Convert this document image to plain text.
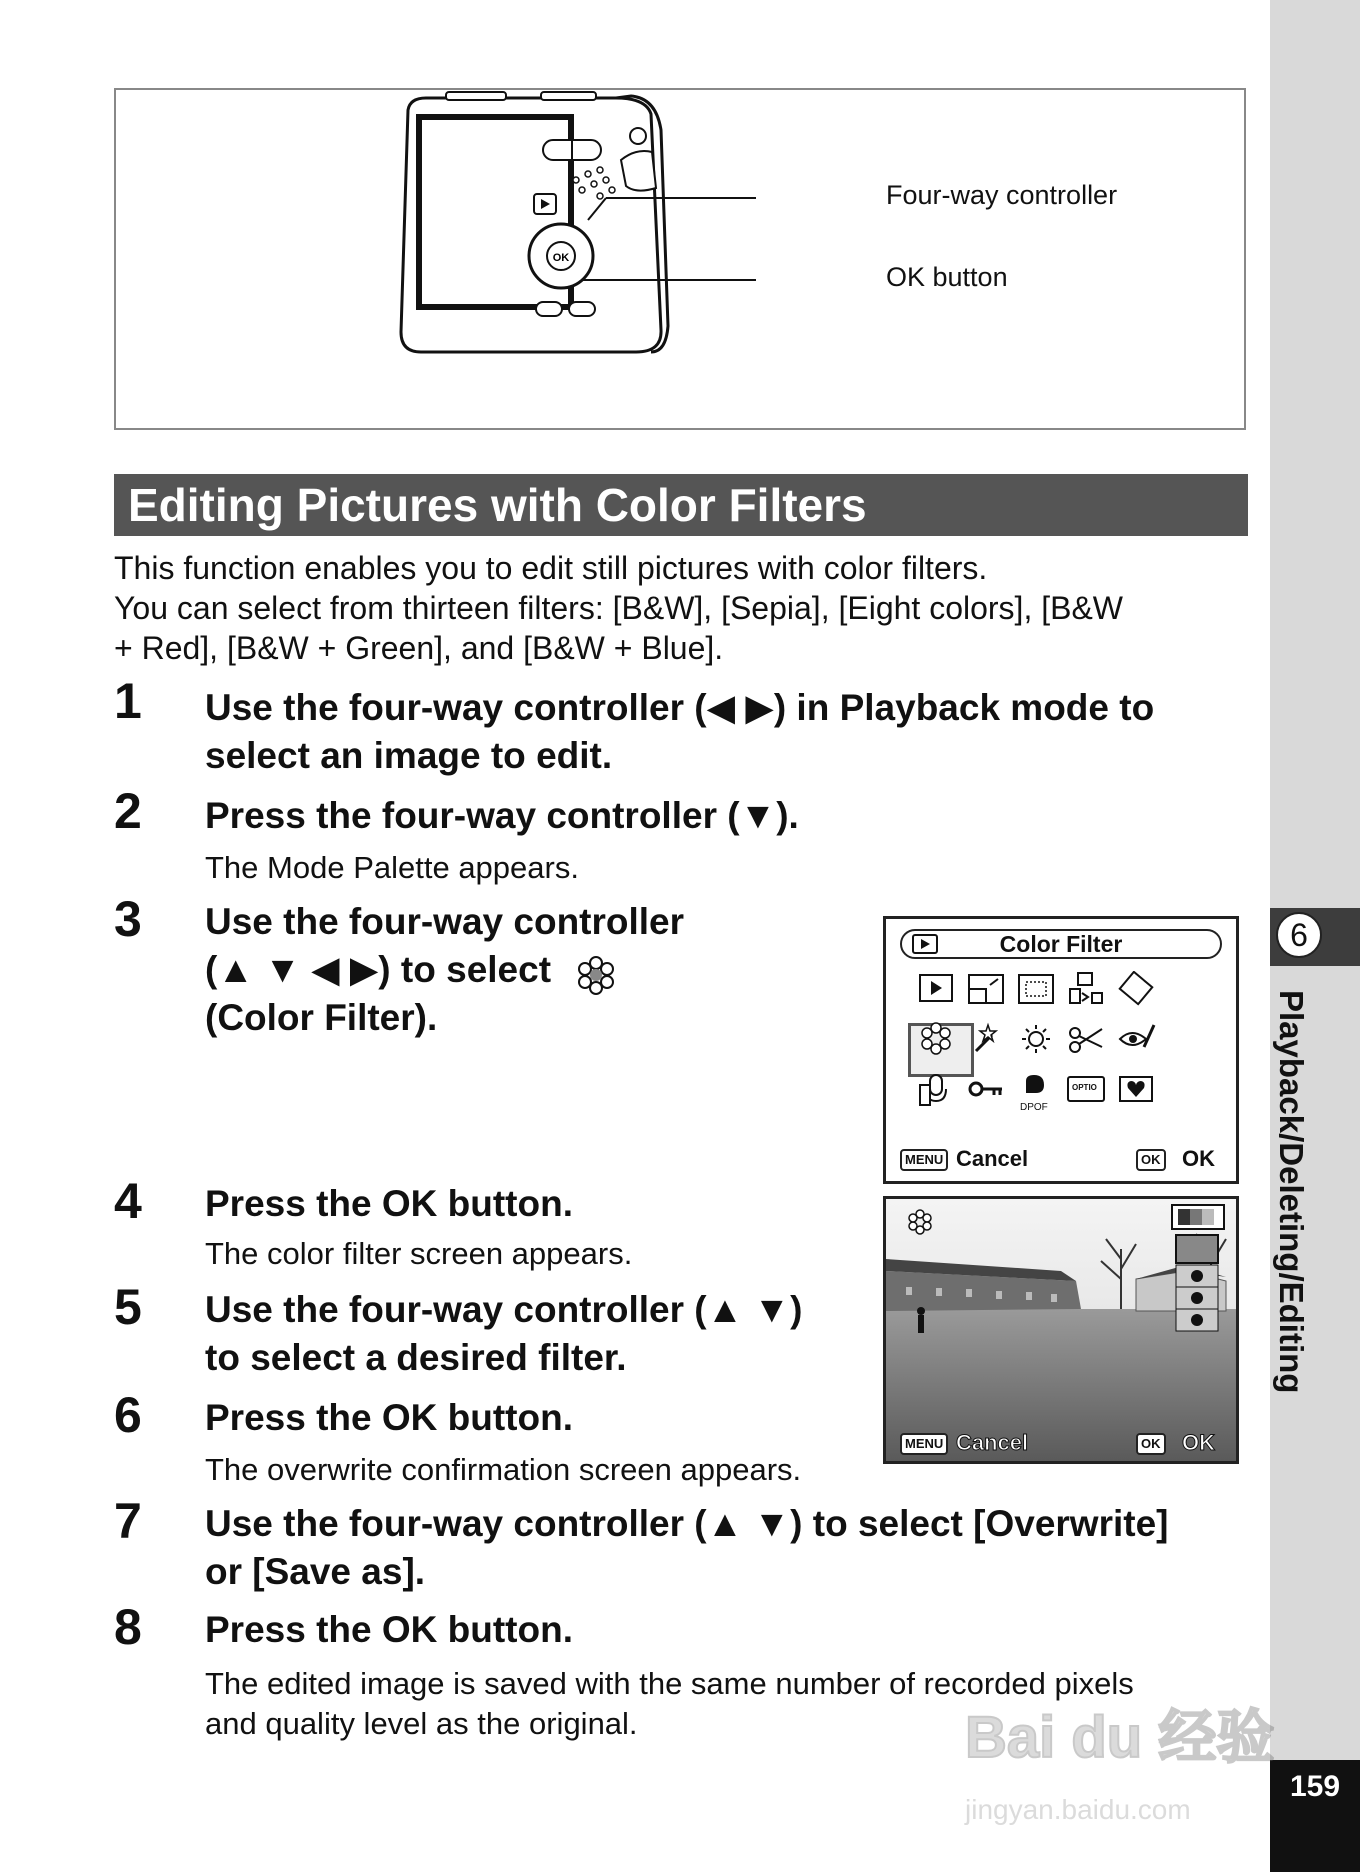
6
Playback/Deleting/Editing
159
OK
Four-way controller
OK button
Editing Pictures with Color Filters
This function enables you to edit still pictures with color filters.
You can select from thirteen filters: [B&W], [Sepia], [Eight colors], [B&W
+ Red], [B&W + Green], and [B&W + Blue].
1 Use the four-way controller (◀ ▶) in Playback mode to
select an image to edit.
2 Press the four-way controller (▼).
The Mode Palette appears.
3 Use the four-way controller
(▲ ▼ ◀ ▶) to select
(Color Filter).
Color Filter
DPOF
OPTIO
MENU Cancel	OK OK
MENU Cancel	OK OK
4 Press the OK button.
The color filter screen appears.
5 Use the four-way controller (▲ ▼)
to select a desired filter.
6 Press the OK button.
The overwrite confirmation screen appears.
7 Use the four-way controller (▲ ▼) to select [Overwrite]
or [Save as].
8 Press the OK button.
The edited image is saved with the same number of recorded pixels
and quality level as the original.	Bai du 经验
jingyan.baidu.com
